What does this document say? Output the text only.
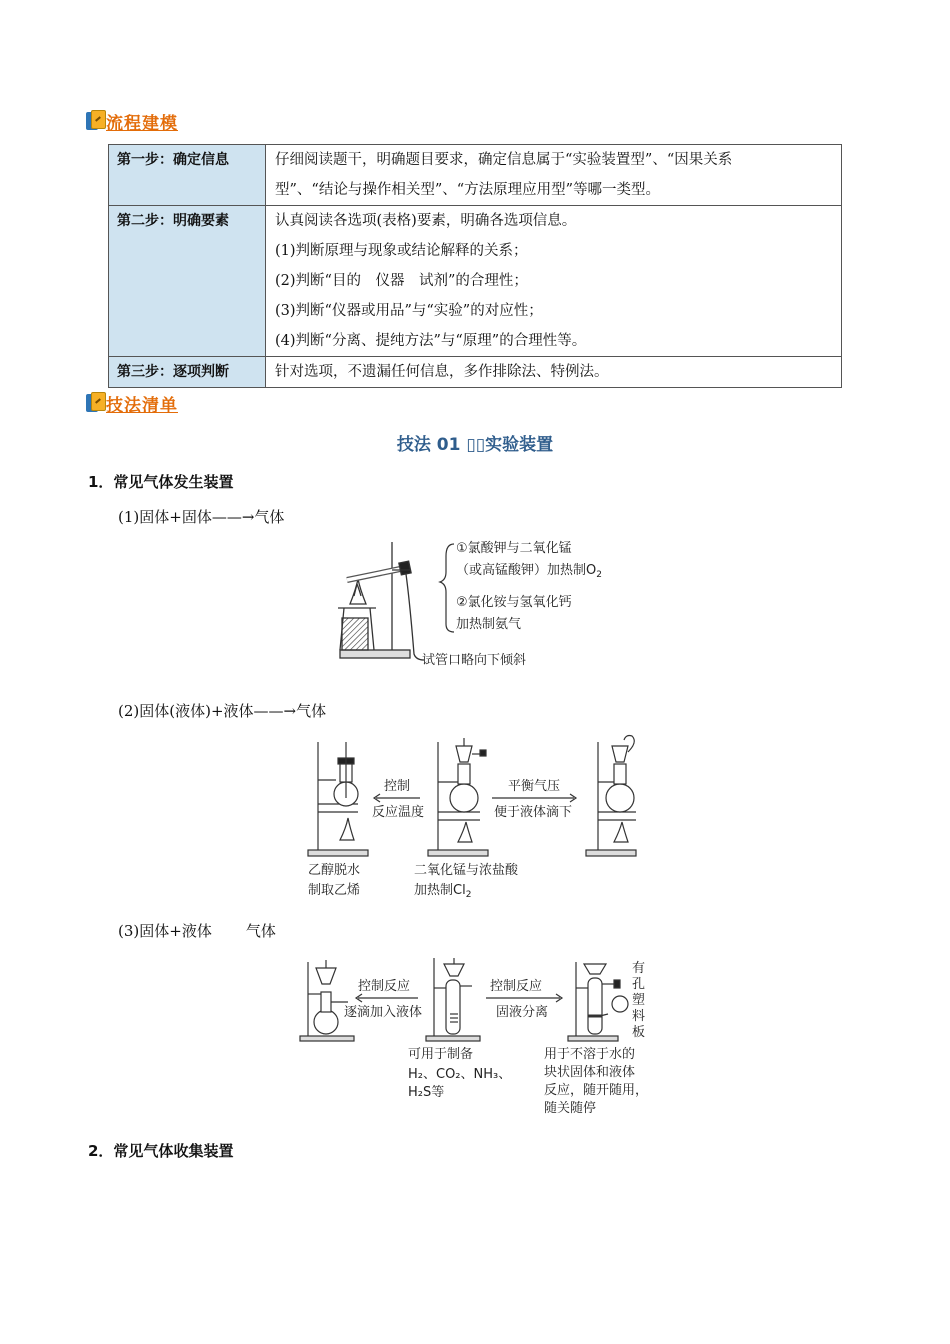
流程建模
第一步：确定信息	仔细阅读题干，明确题目要求，确定信息属于“实验装置型”、“因果关系
型”、“结论与操作相关型”、“方法原理应用型”等哪一类型。

第二步：明确要素	认真阅读各选项(表格)要素，明确各选项信息。
(1)判断原理与现象或结论解释的关系；
(2)判断“目的　仪器　试剂”的合理性；
(3)判断“仪器或用品”与“实验”的对应性；
(4)判断“分离、提纯方法”与“原理”的合理性等。

第三步：逐项判断	针对选项，不遗漏任何信息，多作排除法、特例法。
技法清单
技法 01 ▯▯实验装置
1．常见气体发生装置
(1)固体+固体——→气体
①氯酸钾与二氧化锰
（或高锰酸钾）加热制$O_2$
②氯化铵与氢氧化钙
加热制氨气
试管口略向下倾斜
(2)固体(液体)+液体——→气体
控制
反应温度
平衡气压
便于液体滴下
乙醇脱水
制取乙烯
二氧化锰与浓盐酸
加热制$Cl_2$
(3)固体+液体 气体
控制反应
逐滴加入液体
控制反应
固液分离
可用于制备
H₂、CO₂、NH₃、
H₂S等
用于不溶于水的
块状固体和液体
反应，随开随用，
随关随停
有
孔
塑
料
板
2．常见气体收集装置
